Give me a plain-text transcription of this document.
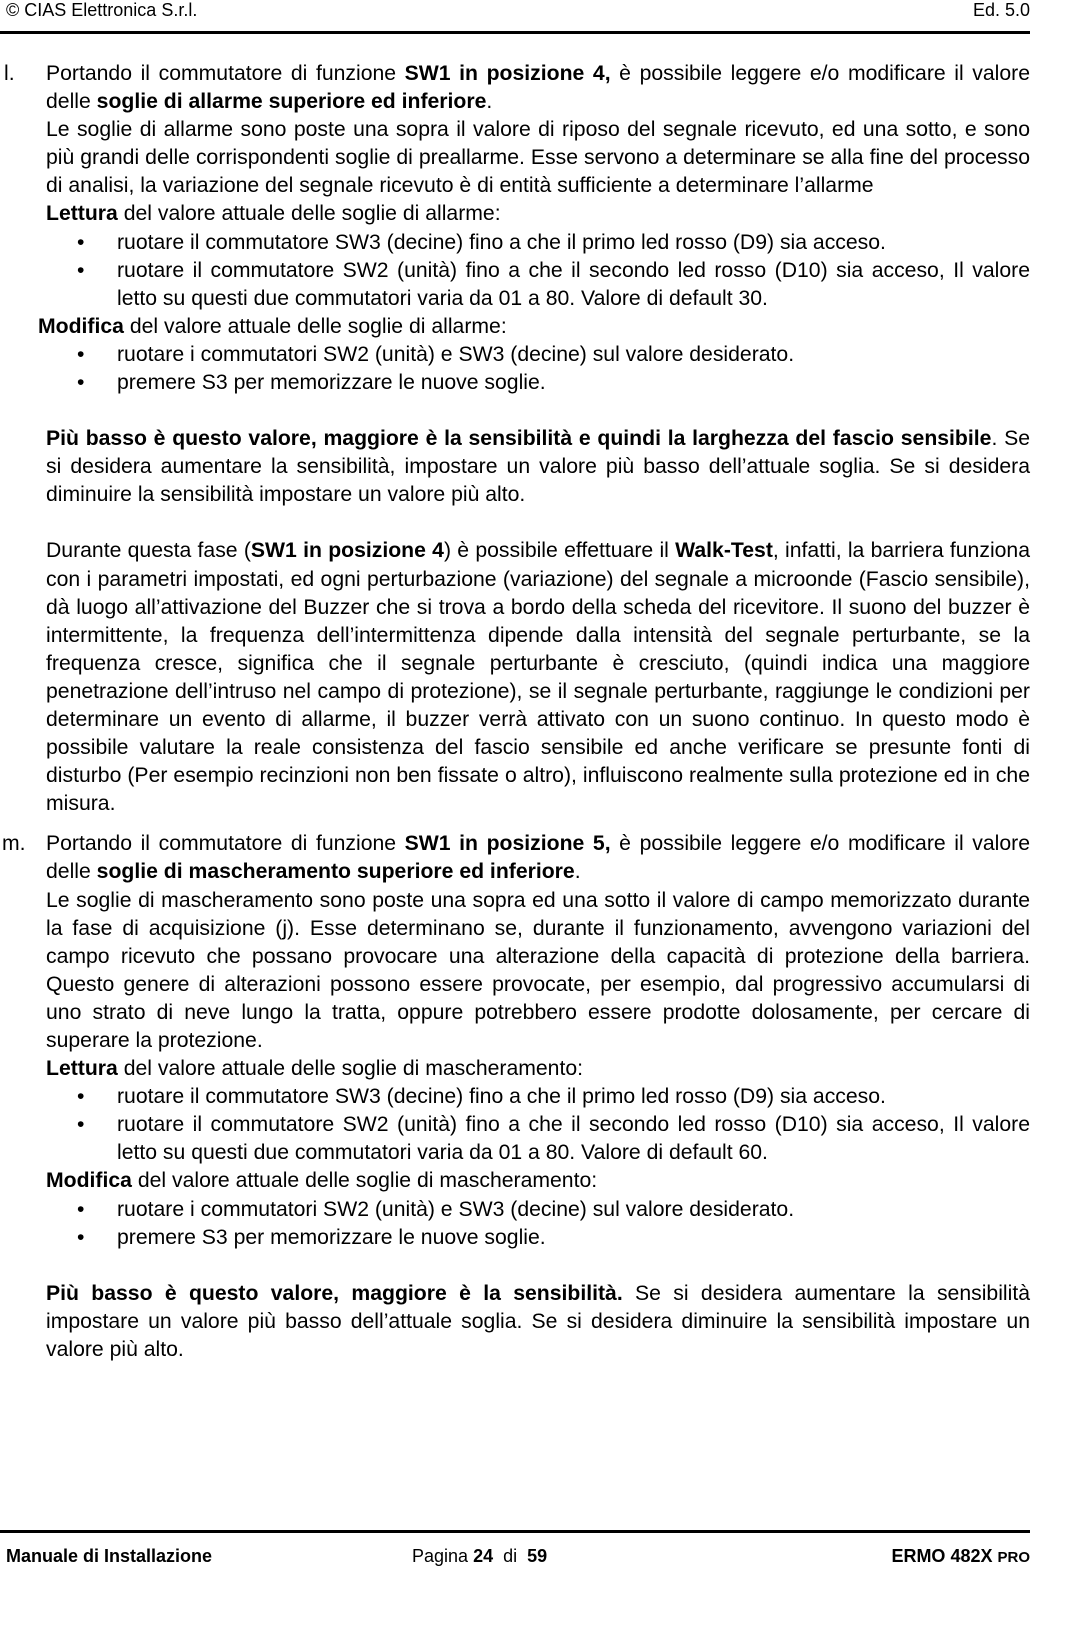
© CIAS Elettronica S.r.l.	Ed. 5.0
l. Portando il commutatore di funzione SW1 in posizione 4, è possibile leggere e/o modificare il valore delle soglie di allarme superiore ed inferiore.

Le soglie di allarme sono poste una sopra il valore di riposo del segnale ricevuto, ed una sotto, e sono più grandi delle corrispondenti soglie di preallarme. Esse servono a determinare se alla fine del processo di analisi, la variazione del segnale ricevuto è di entità sufficiente a determinare l’allarme

Lettura del valore attuale delle soglie di allarme:

• ruotare il commutatore SW3 (decine) fino a che il primo led rosso (D9) sia acceso.
• ruotare il commutatore SW2 (unità) fino a che il secondo led rosso (D10) sia acceso, Il valore letto su questi due commutatori varia da 01 a 80. Valore di default 30.

Modifica del valore attuale delle soglie di allarme:

• ruotare i commutatori SW2 (unità) e SW3 (decine) sul valore desiderato.
• premere S3 per memorizzare le nuove soglie.

Più basso è questo valore, maggiore è la sensibilità e quindi la larghezza del fascio sensibile. Se si desidera aumentare la sensibilità, impostare un valore più basso dell’attuale soglia. Se si desidera diminuire la sensibilità impostare un valore più alto.

Durante questa fase (SW1 in posizione 4) è possibile effettuare il Walk-Test, infatti, la barriera funziona con i parametri impostati, ed ogni perturbazione (variazione) del segnale a microonde (Fascio sensibile), dà luogo all’attivazione del Buzzer che si trova a bordo della scheda del ricevitore. Il suono del buzzer è intermittente, la frequenza dell’intermittenza dipende dalla intensità del segnale perturbante, se la frequenza cresce, significa che il segnale perturbante è cresciuto, (quindi indica una maggiore penetrazione dell’intruso nel campo di protezione), se il segnale perturbante, raggiunge le condizioni per determinare un evento di allarme, il buzzer verrà attivato con un suono continuo. In questo modo è possibile valutare la reale consistenza del fascio sensibile ed anche verificare se presunte fonti di disturbo (Per esempio recinzioni non ben fissate o altro), influiscono realmente sulla protezione ed in che misura.

m. Portando il commutatore di funzione SW1 in posizione 5, è possibile leggere e/o modificare il valore delle soglie di mascheramento superiore ed inferiore.

Le soglie di mascheramento sono poste una sopra ed una sotto il valore di campo memorizzato durante la fase di acquisizione (j). Esse determinano se, durante il funzionamento, avvengono variazioni del campo ricevuto che possano provocare una alterazione della capacità di protezione della barriera. Questo genere di alterazioni possono essere provocate, per esempio, dal progressivo accumularsi di uno strato di neve lungo la tratta, oppure potrebbero essere prodotte dolosamente, per cercare di superare la protezione.

Lettura del valore attuale delle soglie di mascheramento:

• ruotare il commutatore SW3 (decine) fino a che il primo led rosso (D9) sia acceso.
• ruotare il commutatore SW2 (unità) fino a che il secondo led rosso (D10) sia acceso, Il valore letto su questi due commutatori varia da 01 a 80. Valore di default 60.

Modifica del valore attuale delle soglie di mascheramento:

• ruotare i commutatori SW2 (unità) e SW3 (decine) sul valore desiderato.
• premere S3 per memorizzare le nuove soglie.

Più basso è questo valore, maggiore è la sensibilità. Se si desidera aumentare la sensibilità impostare un valore più basso dell’attuale soglia. Se si desidera diminuire la sensibilità impostare un valore più alto.

Manuale di Installazione	Pagina 24  di  59	ERMO 482X PRO
